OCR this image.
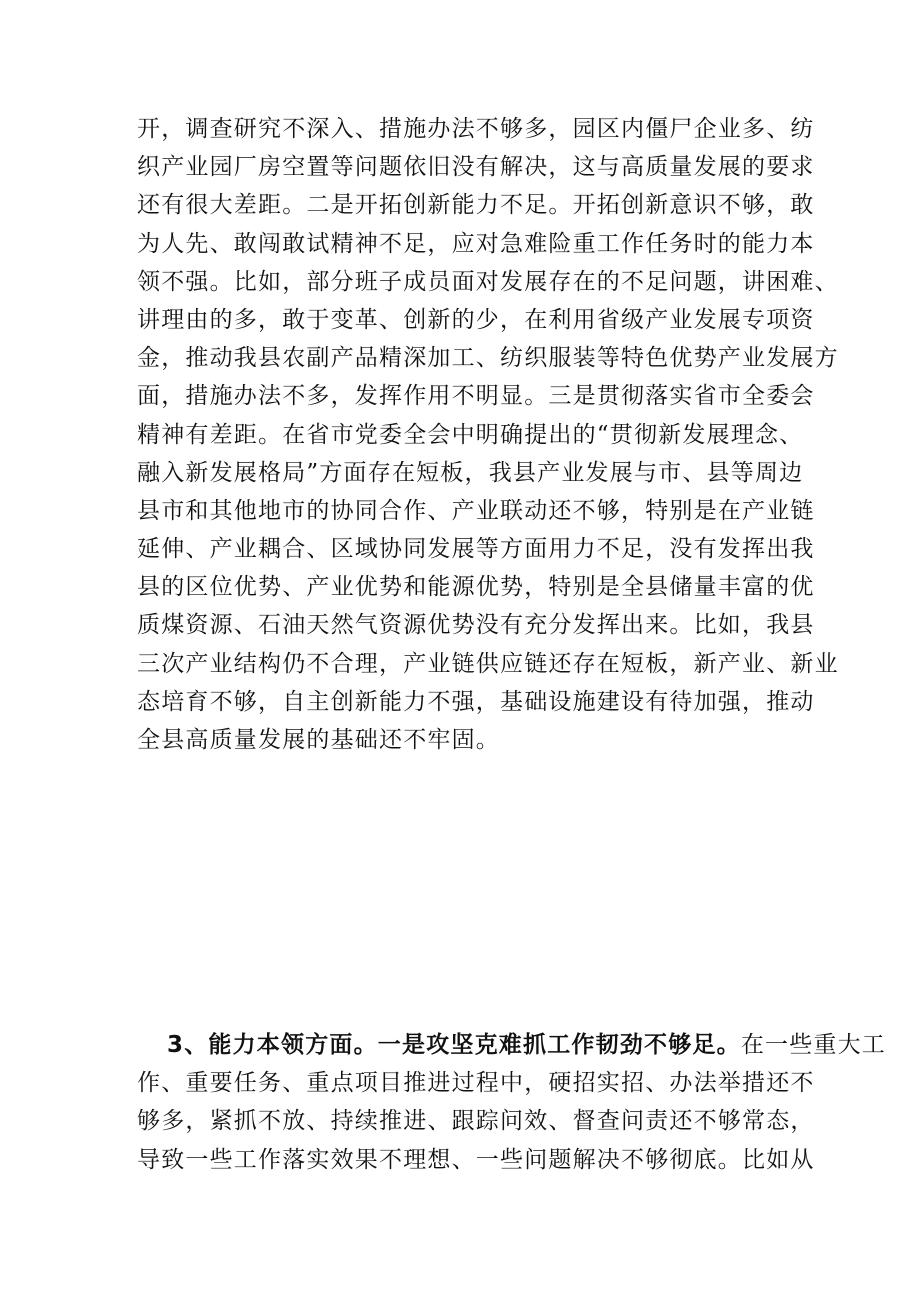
开，调查研究不深入、措施办法不够多，园区内僵尸企业多、纺
织产业园厂房空置等问题依旧没有解决，这与高质量发展的要求
还有很大差距。二是开拓创新能力不足。开拓创新意识不够，敢
为人先、敢闯敢试精神不足，应对急难险重工作任务时的能力本
领不强。比如，部分班子成员面对发展存在的不足问题，讲困难、
讲理由的多，敢于变革、创新的少，在利用省级产业发展专项资
金，推动我县农副产品精深加工、纺织服装等特色优势产业发展方
面，措施办法不多，发挥作用不明显。三是贯彻落实省市全委会
精神有差距。在省市党委全会中明确提出的“贯彻新发展理念、
融入新发展格局”方面存在短板，我县产业发展与市、县等周边
县市和其他地市的协同合作、产业联动还不够，特别是在产业链
延伸、产业耦合、区域协同发展等方面用力不足，没有发挥出我
县的区位优势、产业优势和能源优势，特别是全县储量丰富的优
质煤资源、石油天然气资源优势没有充分发挥出来。比如，我县
三次产业结构仍不合理，产业链供应链还存在短板，新产业、新业
态培育不够，自主创新能力不强，基础设施建设有待加强，推动
全县高质量发展的基础还不牢固。
3、能力本领方面。一是攻坚克难抓工作韧劲不够足。在一些重大工
作、重要任务、重点项目推进过程中，硬招实招、办法举措还不
够多，紧抓不放、持续推进、跟踪问效、督查问责还不够常态，
导致一些工作落实效果不理想、一些问题解决不够彻底。比如从
